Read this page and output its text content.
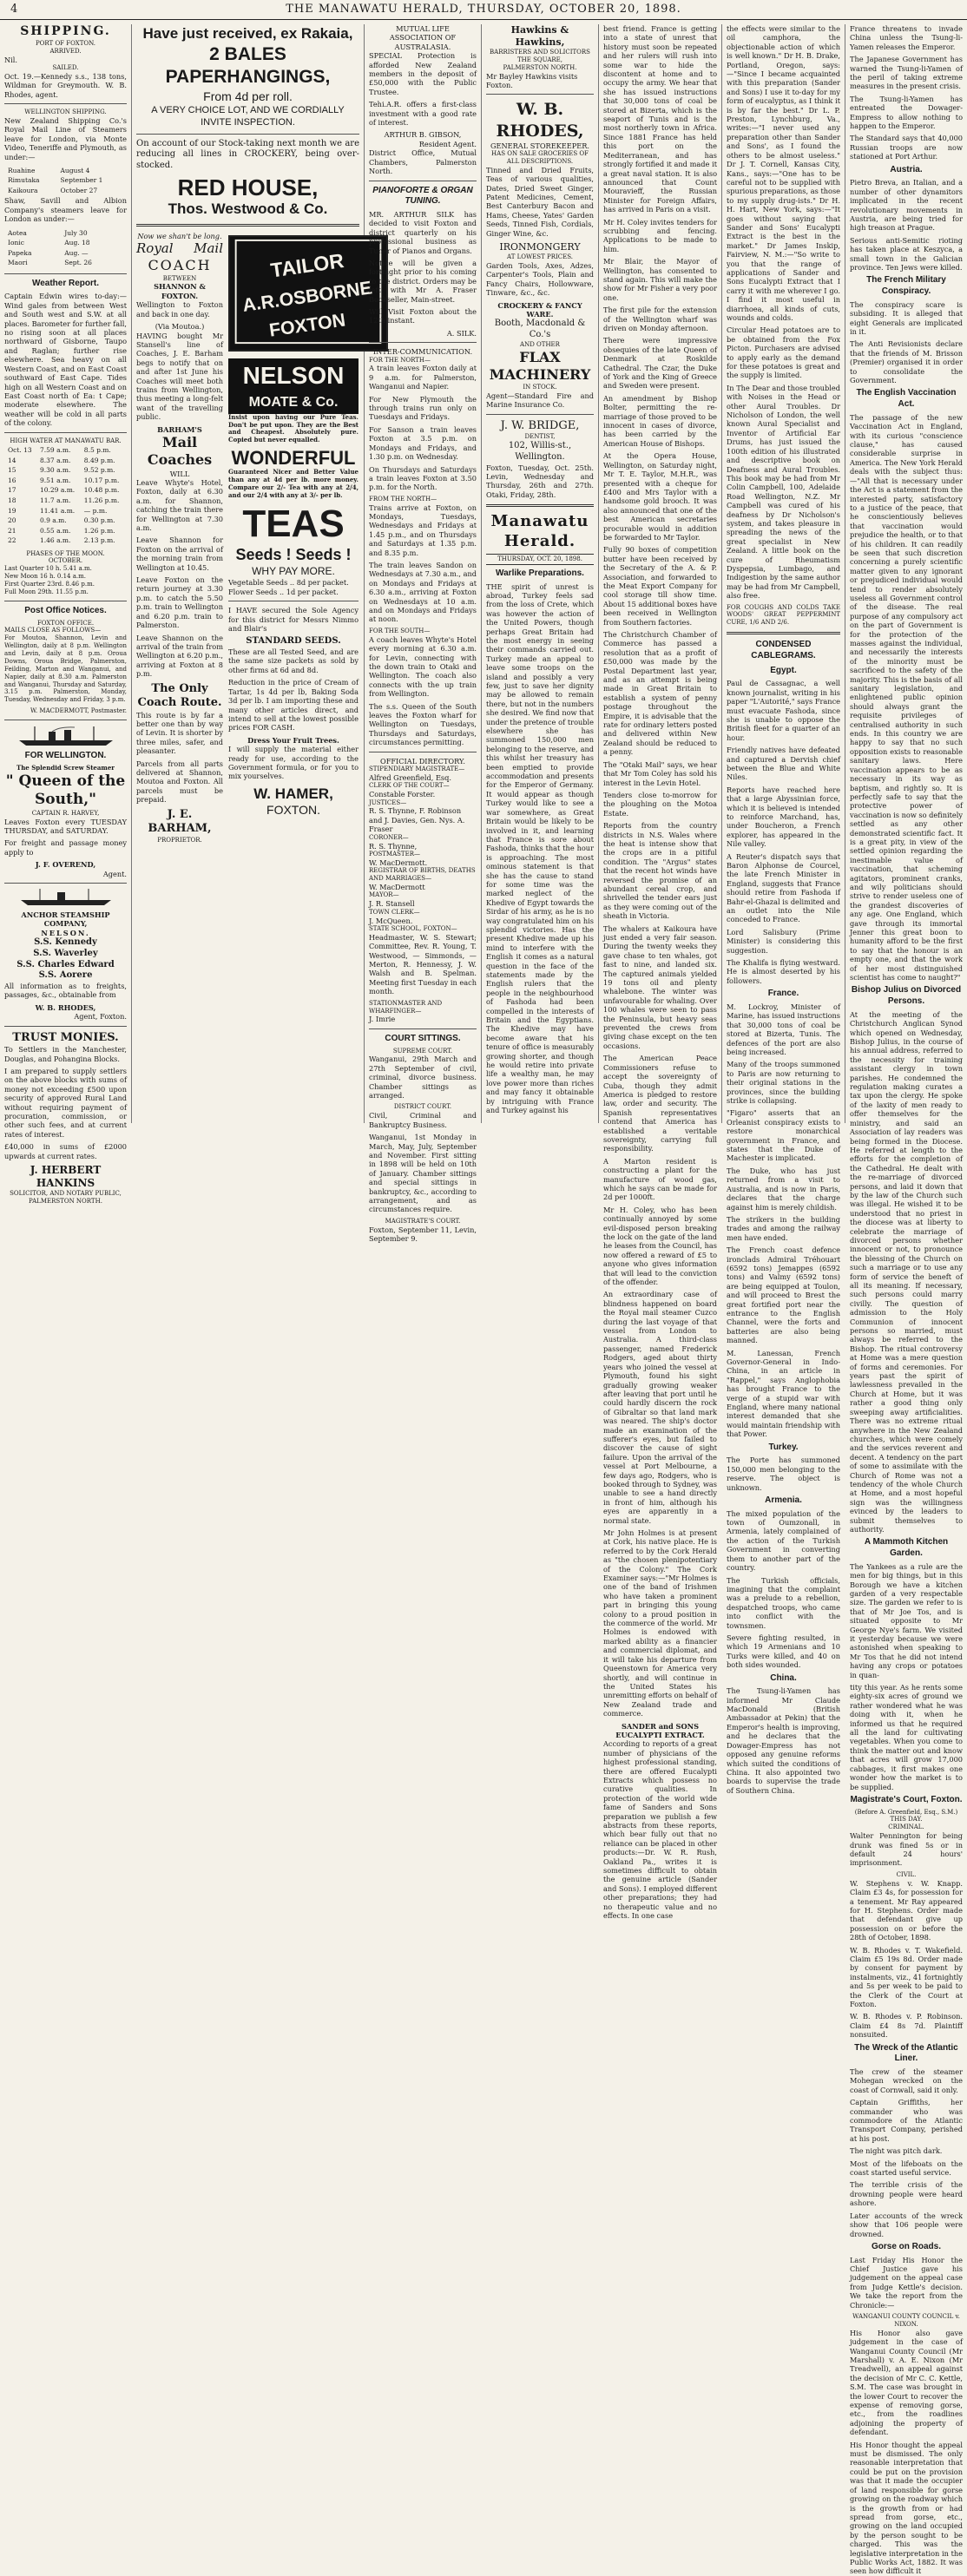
4	THE MANAWATU HERALD, THURSDAY, OCTOBER 20, 1898.
SHIPPING.
PORT OF FOXTON.
ARRIVED.
Nil.
SAILED.

Oct. 19.—Kennedy s.s., 138 tons, Wildman for Greymouth. W. B. Rhodes, agent.

WELLINGTON SHIPPING.

New Zealand Shipping Co.'s Royal Mail Line of Steamers leave for London, via Monte Video, Teneriffe and Plymouth, as under:—

Ruahine	August 4
Rimutaka	September 1
Kaikoura	October 27

Shaw, Savill and Albion Company's steamers leave for London as under:—

Aotea	July 30
Ionic	Aug. 18
Papeka	Aug. —
Maori	Sept. 26
Weather Report.

Captain Edwin wires to-day:—Wind gales from between West and South west and S.W. at all places. Barometer for further fall, no rising soon at all places northward of Gisborne, Taupo and Raglan; further rise elsewhere. Sea heavy on all Western Coast, and on East Coast southward of East Cape. Tides high on all Western Coast and on East Coast north of Ea: t Cape; moderate elsewhere. The weather will be cold in all parts of the colony.

HIGH WATER AT MANAWATU BAR.
Oct. 13	7.59 a.m.	8.5 p.m.
14	8.37 a.m.	8.49 p.m.
15	9.30 a.m.	9.52 p.m.
16	9.51 a.m.	10.17 p.m.
17	10.29 a.m.	10.48 p.m.
18	11.7 a.m.	11.26 p.m.
19	11.41 a.m.	— p.m.
20	0.9 a.m.	0.30 p.m.
21	0.55 a.m.	1.26 p.m.
22	1.46 a.m.	2.13 p.m.
PHASES OF THE MOON.
OCTOBER.
Last Quarter 10 h. 5.41 a.m.
New Moon 16 h. 0.14 a.m.
First Quarter 23rd. 8.46 p.m.
Full Moon 29th. 11.55 p.m.
Post Office Notices.
FOXTON OFFICE.
MAILS CLOSE AS FOLLOWS—

For Moutoa, Shannon, Levin and Wellington, daily at 8 p.m. Wellington and Levin, daily at 8 p.m. Oroua Downs, Oroua Bridge, Palmerston, Feilding, Marton and Wanganui, and Napier, daily at 8.30 a.m. Palmerston and Wanganui, Thursday and Saturday, 3.15 p.m. Palmerston, Monday, Tuesday, Wednesday and Friday, 3 p.m.

W. MACDERMOTT, Postmaster.
FOR WELLINGTON.
The Splendid Screw Steamer
" Queen of the South,"
CAPTAIN R. HARVEY,

Leaves Foxton every TUESDAY THURSDAY, and SATURDAY.

For freight and passage money apply to

J. F. OVEREND,
Agent.
ANCHOR STEAMSHIP COMPANY,
NELSON.
S.S. Kennedy
S.S. Waverley
S.S. Charles Edward
S.S. Aorere

All information as to freights, passages, &c., obtainable from

W. B. RHODES,
Agent, Foxton.
TRUST MONIES.

To Settlers in the Manchester, Douglas, and Pohangina Blocks.

I am prepared to supply settlers on the above blocks with sums of money not exceeding £500 upon security of approved Rural Land without requiring payment of procuration, commission, or other such fees, and at current rates of interest.

£40,000 in sums of £2000 upwards at current rates.

J. HERBERT HANKINS
SOLICITOR, AND NOTARY PUBLIC, PALMERSTON NORTH.
Have just received, ex Rakaia,
2 BALES PAPERHANGINGS,
From 4d per roll.
A VERY CHOICE LOT, AND WE CORDIALLY INVITE INSPECTION.

On account of our Stock-taking next month we are reducing all lines in CROCKERY, being over-stocked.

RED HOUSE,
Thos. Westwood & Co.
Now we shan't be long.
Royal Mail
COACH
BETWEEN
SHANNON & FOXTON.

Wellington to Foxton and back in one day.

(Via Moutoa.)

HAVING bought Mr Stansell's line of Coaches, J. E. Barham begs to notify that on and after 1st June his Coaches will meet both trains from Wellington, thus meeting a long-felt want of the travelling public.

BARHAM'S
Mail Coaches
WILL

Leave Whyte's Hotel, Foxton, daily at 6.30 a.m. for Shannon, catching the train there for Wellington at 7.30 a.m.

Leave Shannon for Foxton on the arrival of the morning train from Wellington at 10.45.

Leave Foxton on the return journey at 3.30 p.m. to catch the 5.50 p.m. train to Wellington and 6.20 p.m. train to Palmerston.

Leave Shannon on the arrival of the train from Wellington at 6.20 p.m., arriving at Foxton at 8 p.m.

The Only Coach Route.

This route is by far a better one than by way of Levin. It is shorter by three miles, safer, and pleasanter.

Parcels from all parts delivered at Shannon, Moutoa and Foxton. All parcels must be prepaid.

J. E. BARHAM,
PROPRIETOR.
TAILOR
A.R.OSBORNE
FOXTON
NELSON
MOATE & Co.

Insist upon having our Pure Teas. Don't be put upon. They are the Best and Cheapest. Absolutely pure. Copied but never equalled.

WONDERFUL

Guaranteed Nicer and Better Value than any at 4d per lb. more money. Compare our 2/- Tea with any at 2/4, and our 2/4 with any at 3/- per lb.

TEAS
Seeds ! Seeds !
WHY PAY MORE.
Vegetable Seeds .. 8d per packet.
Flower Seeds .. 1d per packet.

I HAVE secured the Sole Agency for this district for Messrs Nimmo and Blair's

STANDARD SEEDS.

These are all Tested Seed, and are the same size packets as sold by other firms at 6d and 8d.

Reduction in the price of Cream of Tartar, 1s 4d per lb, Baking Soda 3d per lb. I am importing these and many other articles direct, and intend to sell at the lowest possible prices FOR CASH.

Dress Your Fruit Trees.

I will supply the material either ready for use, according to the Government formula, or for you to mix yourselves.

W. HAMER,
FOXTON.
MUTUAL LIFE ASSOCIATION OF AUSTRALASIA.

SPECIAL Protection is afforded New Zealand members in the deposit of £50,000 with the Public Trustee.

Tehi.A.R. offers a first-class investment with a good rate of interest.

ARTHUR B. GIBSON,
Resident Agent.

District Office, Mutual Chambers, Palmerston North.

PIANOFORTE & ORGAN TUNING.

MR. ARTHUR SILK has decided to visit Foxton and district quarterly on his professional business as Tuner of Pianos and Organs.

Notice will be given a fortnight prior to his coming to the district. Orders may be left with Mr A. Fraser Bookseller, Main-street.

Will Visit Foxton about the 12th instant.

A. SILK.
INTER-COMMUNICATION.
FOR THE NORTH—

A train leaves Foxton daily at 9 a.m. for Palmerston, Wanganui and Napier.

For New Plymouth the through trains run only on Tuesdays and Fridays.

For Sanson a train leaves Foxton at 3.5 p.m. on Mondays and Fridays, and 1.30 p.m. on Wednesday.

On Thursdays and Saturdays a train leaves Foxton at 3.50 p.m. for the North.

FROM THE NORTH—

Trains arrive at Foxton, on Mondays, Tuesdays, Wednesdays and Fridays at 1.45 p.m., and on Thursdays and Saturdays at 1.35 p.m. and 8.35 p.m.

The train leaves Sandon on Wednesdays at 7.30 a.m., and on Mondays and Fridays at 6.30 a.m., arriving at Foxton on Wednesdays at 10 a.m. and on Mondays and Fridays at noon.

FOR THE SOUTH—

A coach leaves Whyte's Hotel every morning at 6.30 a.m. for Levin, connecting with the down train to Otaki and Wellington. The coach also connects with the up train from Wellington.

The s.s. Queen of the South leaves the Foxton wharf for Wellington on Tuesdays, Thursdays and Saturdays, circumstances permitting.

OFFICIAL DIRECTORY.
STIPENDIARY MAGISTRATE—
Alfred Greenfield, Esq.
CLERK OF THE COURT—
Constable Forster.
JUSTICES—
R. S. Thynne, F. Robinson and J. Davies, Gen. Nys. A. Fraser
CORONER—
R. S. Thynne,
POSTMASTER—
W. MacDermott.
REGISTRAR OF BIRTHS, DEATHS AND MARRIAGES—
W. MacDermott
MAYOR—
J. R. Stansell
TOWN CLERK—
J. McQueen.
STATE SCHOOL, FOXTON—

Headmaster, W. S. Stewart; Committee, Rev. R. Young, T. Westwood, — Simmonds, — Merton, R. Hennessy, J. W. Walsh and B. Spelman. Meeting first Tuesday in each month.

STATIONMASTER AND WHARFINGER—
J. Imrie
COURT SITTINGS.
SUPREME COURT.

Wanganui, 29th March and 27th September of civil, criminal, divorce business. Chamber sittings as arranged.

DISTRICT COURT.

Civil, Criminal and Bankruptcy Business.

Wanganui, 1st Monday in March, May, July, September and November. First sitting in 1898 will be held on 10th of January. Chamber sittings and special sittings in bankruptcy, &c., according to arrangement, and as circumstances require.

MAGISTRATE'S COURT.

Foxton, September 11, Levin, September 9.

Hawkins & Hawkins,
BARRISTERS AND SOLICITORS
THE SQUARE,
PALMERSTON NORTH.
Mr Bayley Hawkins visits Foxton.
W. B. RHODES,
GENERAL STOREKEEPER.
HAS ON SALE GROCERIES OF ALL DESCRIPTIONS.

Tinned and Dried Fruits, Teas of various qualities, Dates, Dried Sweet Ginger, Patent Medicines, Cement, Best Canterbury Bacon and Hams, Cheese, Yates' Garden Seeds, Tinned Fish, Cordials, Ginger Wine, &c.

IRONMONGERY
AT LOWEST PRICES.

Garden Tools, Axes, Adzes, Carpenter's Tools, Plain and Fancy Chairs, Hollowware, Tinware, &c., &c.

CROCKERY & FANCY WARE.
Booth, Macdonald & Co.'s
AND OTHER
FLAX MACHINERY
IN STOCK.

Agent—Standard Fire and Marine Insurance Co.

J. W. BRIDGE,
DENTIST,
102, Willis-st., Wellington.

Foxton, Tuesday, Oct. 25th. Levin, Wednesday and Thursday, 26th and 27th. Otaki, Friday, 28th.

Manawatu Herald.
THURSDAY, OCT. 20, 1898.
Warlike Preparations.

THE spirit of unrest is abroad, Turkey feels sad from the loss of Crete, which was however the action of the United Powers, though perhaps Great Britain had the most energy in seeing their commands carried out. Turkey made an appeal to leave some troops on the island and possibly a very few, just to save her dignity may be allowed to remain there, but not in the numbers she desired. We find now that under the pretence of trouble elsewhere she has summoned 150,000 men belonging to the reserve, and this whilst her treasury has been emptied to provide accommodation and presents for the Emperor of Germany. It would appear as though Turkey would like to see a war somewhere, as Great Britain would be likely to be involved in it, and learning that France is sore about Fashoda, thinks that the hour is approaching. The most ominous statement is that she has the cause to stand for some time was the marked neglect of the Khedive of Egypt towards the Sirdar of his army, as he is no way congratulated him on his splendid victories. Has the present Khedive made up his mind to interfere with the English it comes as a natural question in the face of the statements made by the English rulers that the people in the neighbourhood of Fashoda had been compelled in the interests of Britain and the Egyptians. The Khedive may have become aware that his tenure of office is measurably growing shorter, and though he would retire into private life a wealthy man, he may love power more than riches and may fancy it obtainable by intriguing with France and Turkey against his

best friend. France is getting into a state of unrest that history must soon be repeated and her rulers will rush into some war to hide the discontent at home and to occupy the army. We hear that she has issued instructions that 30,000 tons of coal be stored at Bizerta, which is the seaport of Tunis and is the most northerly town in Africa. Since 1881 France has held this port on the Mediterranean, and has strongly fortified it and made it a great naval station. It is also announced that Count Mouravieff, the Russian Minister for Foreign Affairs, has arrived in Paris on a visit.

Mr H. Coley invites tenders for scrubbing and fencing. Applications to be made to him.

Mr Blair, the Mayor of Wellington, has consented to stand again. This will make the show for Mr Fisher a very poor one.

The first pile for the extension of the Wellington wharf was driven on Monday afternoon.

There were impressive obsequies of the late Queen of Denmark at Roskilde Cathedral. The Czar, the Duke of York and the King of Greece and Sweden were present.

An amendment by Bishop Bolter, permitting the re-marriage of those proved to be innocent in cases of divorce, has been carried by the American House of Bishops.

At the Opera House, Wellington, on Saturday night, Mr T. E. Taylor, M.H.R., was presented with a cheque for £400 and Mrs Taylor with a handsome gold brooch. It was also announced that one of the best American secretaries procurable would in addition be forwarded to Mr Taylor.

Fully 90 boxes of competition butter have been received by the Secretary of the A. & P. Association, and forwarded to the Meat Export Company for cool storage till show time. About 15 additional boxes have been received in Wellington from Southern factories.

The Christchurch Chamber of Commerce has passed a resolution that as a profit of £50,000 was made by the Postal Department last year, and as an attempt is being made in Great Britain to establish a system of penny postage throughout the Empire, it is advisable that the rate for ordinary letters posted and delivered within New Zealand should be reduced to a penny.

The "Otaki Mail" says, we hear that Mr Tom Coley has sold his interest in the Levin Hotel.

Tenders close to-morrow for the ploughing on the Motoa Estate.

Reports from the country districts in N.S. Wales where the heat is intense show that the crops are in a pitiful condition. The "Argus" states that the recent hot winds have reversed the promise of an abundant cereal crop, and shrivelled the tender ears just as they were coming out of the sheath in Victoria.

The whalers at Kaikoura have just ended a very fair season. During the twenty weeks they gave chase to ten whales, got fast to nine, and landed six. The captured animals yielded 19 tons oil and plenty whalebone. The winter was unfavourable for whaling. Over 100 whales were seen to pass the Peninsula, but heavy seas prevented the crews from giving chase except on the ten occasions.

The American Peace Commissioners refuse to accept the sovereignty of Cuba, though they admit America is pledged to restore law, order and security. The Spanish representatives contend that America has established a veritable sovereignty, carrying full responsibility.

A Marton resident is constructing a plant for the manufacture of wood gas, which he says can be made for 2d per 1000ft.

Mr H. Coley, who has been continually annoyed by some evil-disposed person breaking the lock on the gate of the land he leases from the Council, has now offered a reward of £5 to anyone who gives information that will lead to the conviction of the offender.

An extraordinary case of blindness happened on board the Royal mail steamer Cuzco during the last voyage of that vessel from London to Australia. A third-class passenger, named Frederick Rodgers, aged about thirty years who joined the vessel at Plymouth, found his sight gradually growing weaker after leaving that port until he could hardly discern the rock of Gibraltar so that land mark was neared. The ship's doctor made an examination of the sufferer's eyes, but failed to discover the cause of sight failure. Upon the arrival of the vessel at Port Melbourne, a few days ago, Rodgers, who is booked through to Sydney, was unable to see a hand directly in front of him, although his eyes are apparently in a normal state.

Mr John Holmes is at present at Cork, his native place. He is referred to by the Cork Herald as "the chosen plenipotentiary of the Colony." The Cork Examiner says:—"Mr Holmes is one of the band of Irishmen who have taken a prominent part in bringing this young colony to a proud position in the commerce of the world. Mr Holmes is endowed with marked ability as a financier and commercial diplomat, and it will take his departure from Queenstown for America very shortly, and will continue in the United States his unremitting efforts on behalf of New Zealand trade and commerce.

SANDER and SONS EUCALYPTI EXTRACT.

According to reports of a great number of physicians of the highest professional standing, there are offered Eucalypti Extracts which possess no curative qualities. In protection of the world wide fame of Sanders and Sons preparation we publish a few abstracts from these reports, which bear fully out that no reliance can be placed in other products:—Dr. W. R. Rush, Oakland Pa., writes it is sometimes difficult to obtain the genuine article (Sander and Sons). I employed different other preparations; they had no therapeutic value and no effects. In one case

the effects were similar to the oil camphora, the objectionable action of which is well known." Dr H. B. Drake, Portland, Oregon, says:—"Since I became acquainted with this preparation (Sander and Sons) I use it to-day for my form of eucalyptus, as I think it is by far the best." Dr L. P. Preston, Lynchburg, Va., writes:—"I never used any preparation other than Sander and Sons', as I found the others to be almost useless." Dr J. T. Cornell, Kansas City, Kans., says:—"One has to be careful not to be supplied with spurious preparations, as those to my supply drug-ists." Dr H. H. Hart, New York, says:—"It goes without saying that Sander and Sons' Eucalypti Extract is the best in the market." Dr James Inskip, Fairview, N. M.:—"So write to you that the range of applications of Sander and Sons Eucalypti Extract that I carry it with me wherever I go. I find it most useful in diarrhoea, all kinds of cuts, wounds and colds.

Circular Head potatoes are to be obtained from the Fox Picton. Purchasers are advised to apply early as the demand for these potatoes is great and the supply is limited.

In The Dear and those troubled with Noises in the Head or other Aural Troubles. Dr Nicholson of London, the well known Aural Specialist and Inventor of Artificial Ear Drums, has just issued the 100th edition of his illustrated and descriptive book on Deafness and Aural Troubles. This book may be had from Mr Colin Campbell, 100, Adelaide Road Wellington, N.Z. Mr Campbell was cured of his deafness by Dr Nicholson's system, and takes pleasure in spreading the news of the great specialist in New Zealand. A little book on the cure of Rheumatism Dyspepsia, Lumbago, and Indigestion by the same author may be had from Mr Campbell, also free.

FOR COUGHS AND COLDS TAKE WOODS' GREAT PEPPERMINT CURE, 1/6 AND 2/6.

CONDENSED CABLEGRAMS.
Egypt.

Paul de Cassagnac, a well known journalist, writing in his paper "L'Autorité," says France must evacuate Fashoda, since she is unable to oppose the British fleet for a quarter of an hour.

Friendly natives have defeated and captured a Dervish chief between the Blue and White Niles.

Reports have reached here that a large Abyssinian force, which it is believed is intended to reinforce Marchand, has, under Boucheron, a French explorer, has appeared in the Nile valley.

A Reuter's dispatch says that Baron Alphonse de Courcel, the late French Minister in England, suggests that France should retire from Fashoda if Bahr-el-Ghazal is delimited and an outlet into the Nile conceded to France.

Lord Salisbury (Prime Minister) is considering this suggestion.

The Khalifa is flying westward. He is almost deserted by his followers.

France.

M. Lockroy, Minister of Marine, has issued instructions that 30,000 tons of coal be stored at Bizerta, Tunis. The defences of the port are also being increased.

Many of the troops summoned to Paris are now returning to their original stations in the provinces, since the building strike is collapsing.

"Figaro" asserts that an Orleanist conspiracy exists to restore monarchical government in France, and states that the Duke of Machester is implicated.

The Duke, who has just returned from a visit to Australia, and is now in Paris, declares that the charge against him is merely childish.

The strikers in the building trades and among the railway men have ended.

The French coast defence ironclads Admiral Tréhouart (6592 tons) Jemappes (6592 tons) and Valmy (6592 tons) are being equipped at Toulon, and will proceed to Brest the great fortified port near the entrance to the English Channel, were the forts and batteries are also being manned.

M. Lanessan, French Governor-General in Indo-China, in an article in "Rappel," says Anglophobia has brought France to the verge of a stupid war with England, where many national interest demanded that she would maintain friendship with that Power.

Turkey.

The Porte has summoned 150,000 men belonging to the reserve. The object is unknown.

Armenia.

The mixed population of the town of Oumzonall, in Armenia, lately complained of the action of the Turkish Government in converting them to another part of the country.

The Turkish officials, imagining that the complaint was a prelude to a rebellion, despatched troops, who came into conflict with the townsmen.

Severe fighting resulted, in which 19 Armenians and 10 Turks were killed, and 40 on both sides wounded.

China.

The Tsung-li-Yamen has informed Mr Claude MacDonald (British Ambassador at Pekin) that the Emperor's health is improving, and he declares that the Dowager-Empress has not opposed any genuine reforms which suited the conditions of China. It also appointed two boards to supervise the trade of Southern China.

France threatens to invade China unless the Tsung-li-Yamen releases the Emperor.

The Japanese Government has warned the Tsung-li-Yamen of the peril of taking extreme measures in the present crisis.

The Tsung-li-Yamen has entreated the Dowager-Empress to allow nothing to happen to the Emperor.

The Standard says that 40,000 Russian troops are now stationed at Port Arthur.

Austria.

Pietro Breva, an Italian, and a number of other dynamitors implicated in the recent revolutionary movements in Austria, are being tried for high treason at Prague.

Serious anti-Semitic rioting has taken place at Keszyca, a small town in the Galician province. Ten Jews were killed.

The French Military Conspiracy.

The conspiracy scare is subsiding. It is alleged that eight Generals are implicated in it.

The Anti Revisionists declare that the friends of M. Brisson (Premier) organised it in order to consolidate the Government.

The English Vaccination Act.

The passage of the new Vaccination Act in England, with its curious "conscience clause," has caused considerable surprise in America. The New York Herald deals with the subject thus:—"All that is necessary under the Act is a statement from the interested party, satisfactory to a justice of the peace, that he conscientiously believes that vaccination would prejudice the health, or to that of his children. It can readily be seen that such discretion concerning a purely scientific matter given to any ignorant or prejudiced individual would tend to render absolutely useless all Government control of the disease. The real purpose of any compulsory act on the part of Government is for the protection of the masses against the individual, and necessarily the interests of the minority must be sacrificed to the safety of the majority. This is the basis of all sanitary legislation, and enlightened public opinion should always grant the requisite privileges of centralised authority in such ends. In this country we are happy to say that no such opposition exists to reasonable sanitary laws. Here vaccination appears to be as necessary in its way as baptism, and rightly so. It is perfectly safe to say that the protective power of vaccination is now so definitely settled as any other demonstrated scientific fact. It is a great pity, in view of the settled opinion regarding the inestimable value of vaccination, that scheming agitators, prominent cranks, and wily politicians should strive to render useless one of the grandest discoveries of any age. One England, which gave through its immortal Jenner this great boon to humanity afford to be the first to say that the honour is an empty one, and that the work of her most distinguished scientist has come to naught?"

Bishop Julius on Divorced Persons.

At the meeting of the Christchurch Anglican Synod which opened on Wednesday, Bishop Julius, in the course of his annual address, referred to the necessity for training assistant clergy in town parishes. He condemned the regulation making curates a tax upon the clergy. He spoke of the laxity of men ready to offer themselves for the ministry, and said an Association of lay readers was being formed in the Diocese. He referred at length to the efforts for the completion of the Cathedral. He dealt with the re-marriage of divorced persons, and laid it down that by the law of the Church such was illegal. He wished it to be understood that no priest in the diocese was at liberty to celebrate the marriage of divorced persons whether innocent or not, to pronounce the blessing of the Church on such a marriage or to use any form of service the beneft of all its meaning. If necessary, such persons could marry civilly. The question of admission to the Holy Communion of innocent persons so married, must always be referred to the Bishop. The ritual controversy at Home was a mere question of forms and ceremonies. For years past the spirit of lawlessness prevailed in the Church at Home, but it was rather a good thing only sweeping away artificialities. There was no extreme ritual anywhere in the New Zealand churches, which were comely and the services reverent and decent. A tendency on the part of some to assimilate with the Church of Rome was not a tendency of the whole Church at Home, and a most hopeful sign was the willingness evinced by the leaders to submit themselves to authority.

A Mammoth Kitchen Garden.

The Yankees as a rule are the men for big things, but in this Borough we have a kitchen garden of a very respectable size. The garden we refer to is that of Mr Joe Tos, and is situated opposite to Mr George Nye's farm. We visited it yesterday because we were astonished when speaking to Mr Tos that he did not intend having any crops or potatoes in quan-

tity this year. As he rents some eighty-six acres of ground we rather wondered what he was doing with it, when he informed us that he required all the land for cultivating vegetables. When you come to think the matter out and know that acres will grow 17,000 cabbages, it first makes one wonder how the market is to be supplied.

Magistrate's Court, Foxton.
(Before A. Greenfield, Esq., S.M.)
THIS DAY.
CRIMINAL.

Walter Pennington for being drunk was fined 5s or in default 24 hours' imprisonment.

CIVIL.

W. Stephens v. W. Knapp. Claim £3 4s, for possession for a tenement. Mr Ray appeared for H. Stephens. Order made that defendant give up possession on or before the 28th of October, 1898.

W. B. Rhodes v. T. Wakefield. Claim £5 19s 8d. Order made by consent for payment by instalments, viz., 41 fortnightly and 5s per week to be paid to the Clerk of the Court at Foxton.

W. B. Rhodes v. P. Robinson. Claim £4 8s 7d. Plaintiff nonsuited.

The Wreck of the Atlantic Liner.

The crew of the steamer Mohegan wrecked on the coast of Cornwall, said it only.

Captain Griffiths, her commander who was commodore of the Atlantic Transport Company, perished at his post.

The night was pitch dark.

Most of the lifeboats on the coast started useful service.

The terrible crisis of the drowning people were heard ashore.

Later accounts of the wreck show that 106 people were drowned.

Gorse on Roads.

Last Friday His Honor the Chief Justice gave his judgement on the appeal case from Judge Kettle's decision. We take the report from the Chronicle:—

WANGANUI COUNTY COUNCIL v. NIXON.

His Honor also gave judgement in the case of Wanganui County Council (Mr Marshall) v. A. E. Nixon (Mr Treadwell), an appeal against the decision of Mr C. C. Kettle, S.M. The case was brought in the lower Court to recover the expense of removing gorse, etc., from the roadlines adjoining the property of defendant.

His Honor thought the appeal must be dismissed. The only reasonable interpretation that could be put on the provision was that it made the occupier of land responsible for gorse growing on the roadway which is the growth from or had spread from gorse, etc., growing on the land occupied by the person sought to be charged. This was the legislative interpretation in the Public Works Act, 1882. It was seen how difficult it
